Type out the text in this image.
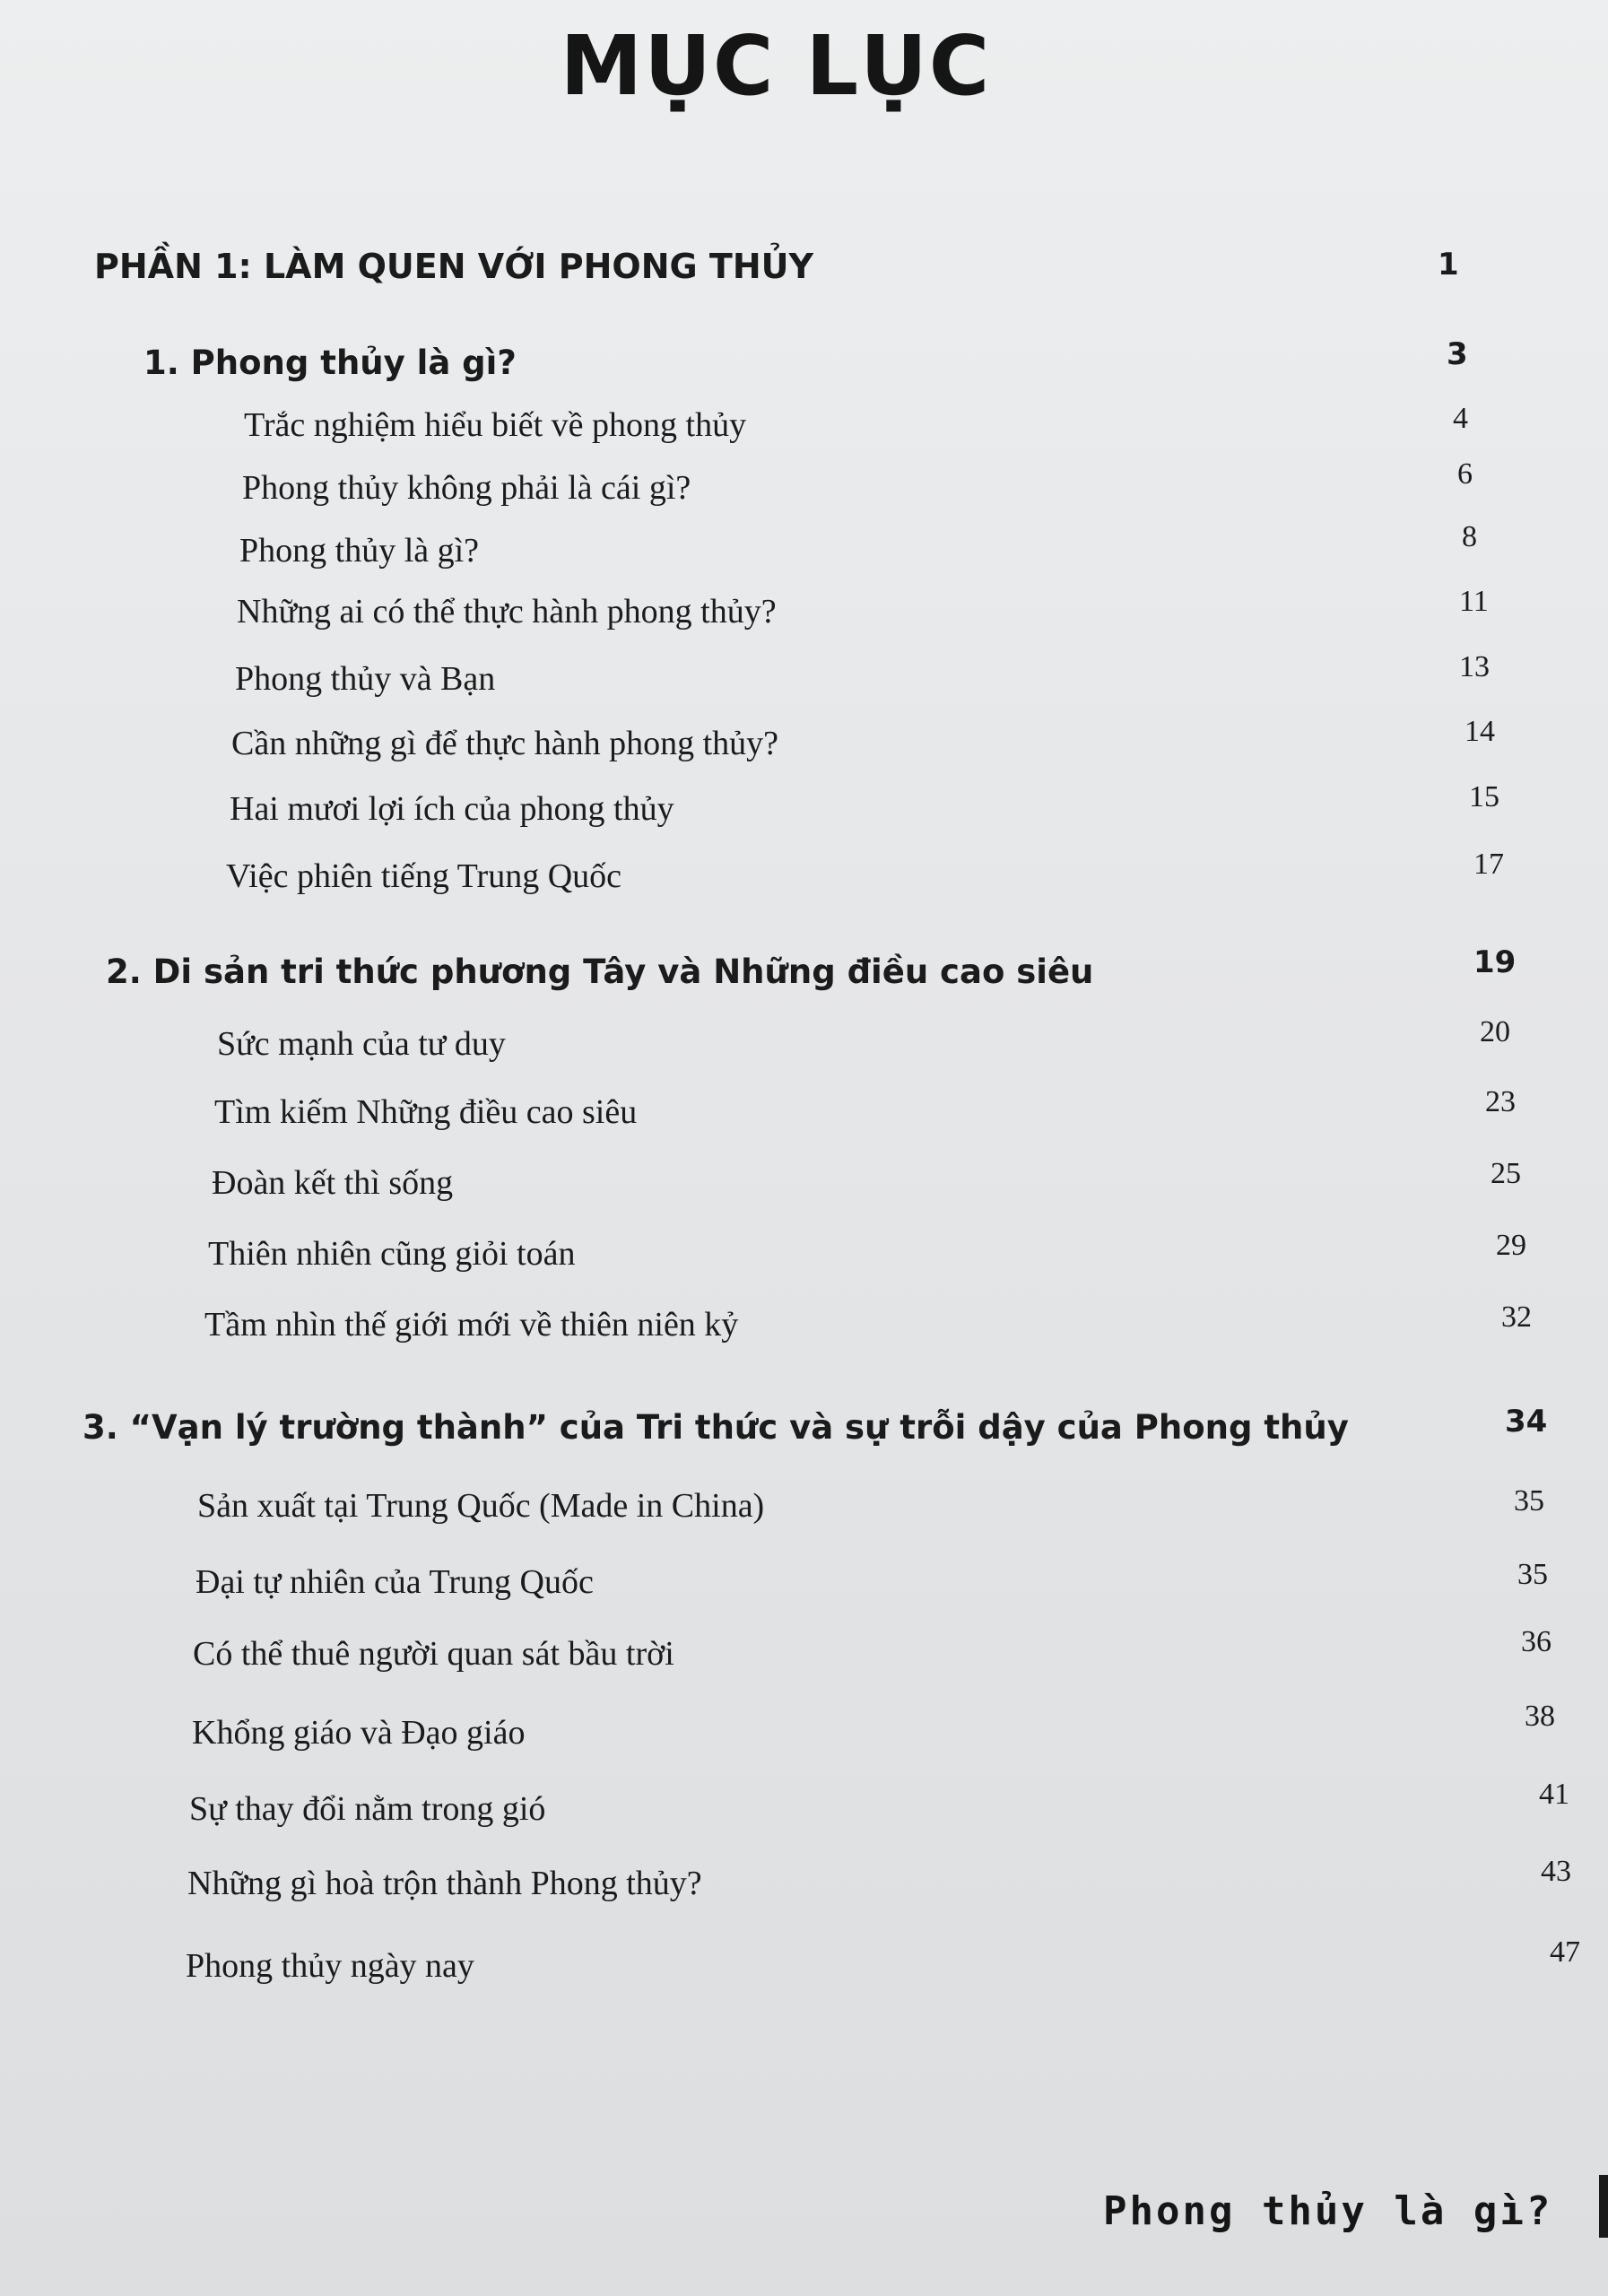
MỤC LỤC
PHẦN 1: LÀM QUEN VỚI PHONG THỦY	1
1. Phong thủy là gì?	3
Trắc nghiệm hiểu biết về phong thủy	4
Phong thủy không phải là cái gì?	6
Phong thủy là gì?	8
Những ai có thể thực hành phong thủy?	11
Phong thủy và Bạn	13
Cần những gì để thực hành phong thủy?	14
Hai mươi lợi ích của phong thủy	15
Việc phiên tiếng Trung Quốc	17
2. Di sản tri thức phương Tây và Những điều cao siêu	19
Sức mạnh của tư duy	20
Tìm kiếm Những điều cao siêu	23
Đoàn kết thì sống	25
Thiên nhiên cũng giỏi toán	29
Tầm nhìn thế giới mới về thiên niên kỷ	32
3. “Vạn lý trường thành” của Tri thức và sự trỗi dậy của Phong thủy	34
Sản xuất tại Trung Quốc (Made in China)	35
Đại tự nhiên của Trung Quốc	35
Có thể thuê người quan sát bầu trời	36
Khổng giáo và Đạo giáo	38
Sự thay đổi nằm trong gió	41
Những gì hoà trộn thành Phong thủy?	43
Phong thủy ngày nay	47
Phong thủy là gì?
